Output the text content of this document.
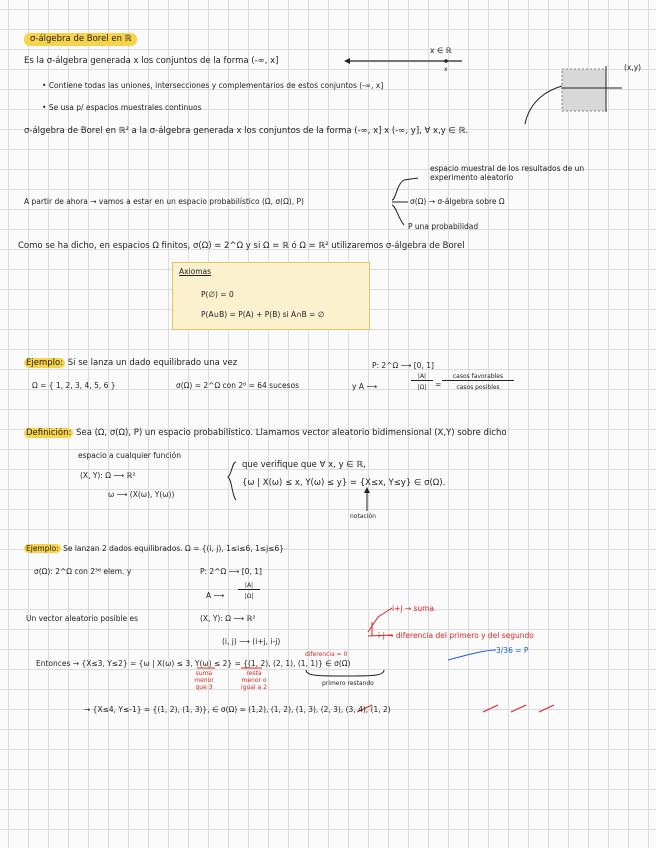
σ-álgebra de Borel en ℝ
Es la σ-álgebra generada x los conjuntos de la forma (-∞, x]
x ∈ ℝ
x
• Contiene todas las uniones, intersecciones y complementarios de estos conjuntos (-∞, x]
• Se usa p/ espacios muestrales continuos
(x,y)
σ-álgebra de Borel en ℝ² a la σ-álgebra generada x los conjuntos de la forma (-∞, x] x (-∞, y], ∀ x,y ∈ ℝ.
espacio muestral de los resultados de un experimento aleatorio
A partir de ahora → vamos a estar en un espacio probabilístico (Ω, σ(Ω), P)	σ(Ω) → σ-álgebra sobre Ω
P una probabilidad
Como se ha dicho, en espacios Ω finitos, σ(Ω) = 2^Ω y si Ω = ℝ ó Ω = ℝ² utilizaremos σ-álgebra de Borel
Axiomas
P(∅) = 0
P(A∪B) = P(A) + P(B) si A∩B = ∅
Ejemplo: Si se lanza un dado equilibrado una vez	P: 2^Ω ⟶ [0, 1]
Ω = { 1, 2, 3, 4, 5, 6 }	σ(Ω) = 2^Ω con 2⁶ = 64 sucesos	y A ⟶
|A|
|Ω|	=
casos favorables
casos posibles
Definición: Sea (Ω, σ(Ω), P) un espacio probabilístico. Llamamos vector aleatorio bidimensional (X,Y) sobre dicho
espacio a cualquier función
(X, Y): Ω ⟶ ℝ²
ω ⟶ (X(ω), Y(ω))
que verifique que ∀ x, y ∈ ℝ,
{ω | X(ω) ≤ x, Y(ω) ≤ y} = {X≤x, Y≤y} ∈ σ(Ω).
notación
Ejemplo: Se lanzan 2 dados equilibrados. Ω = {(i, j), 1≤i≤6, 1≤j≤6}
σ(Ω): 2^Ω con 2³⁶ elem. y	P: 2^Ω ⟶ [0, 1]
A ⟶
|A|
|Ω|
Un vector aleatorio posible es	(X, Y): Ω ⟶ ℝ²
(i, j) ⟶ (i+j, i-j)
i+j → suma
i-j → diferencia del primero y del segundo
3/36 = P
diferencia = 0
Entonces → {X≤3, Y≤2} = {ω | X(ω) ≤ 3, Y(ω) ≤ 2} = {(1, 2), (2, 1), (1, 1)} ∈ σ(Ω)
suma menor que 3
resta menor o igual a 2
primero restando
→ {X≤4, Y≤-1} = {(1, 2), (1, 3)}, ∈ σ(Ω) = (1,2), (1, 2), (1, 3), (2, 3), (3, 4), (1, 2)
